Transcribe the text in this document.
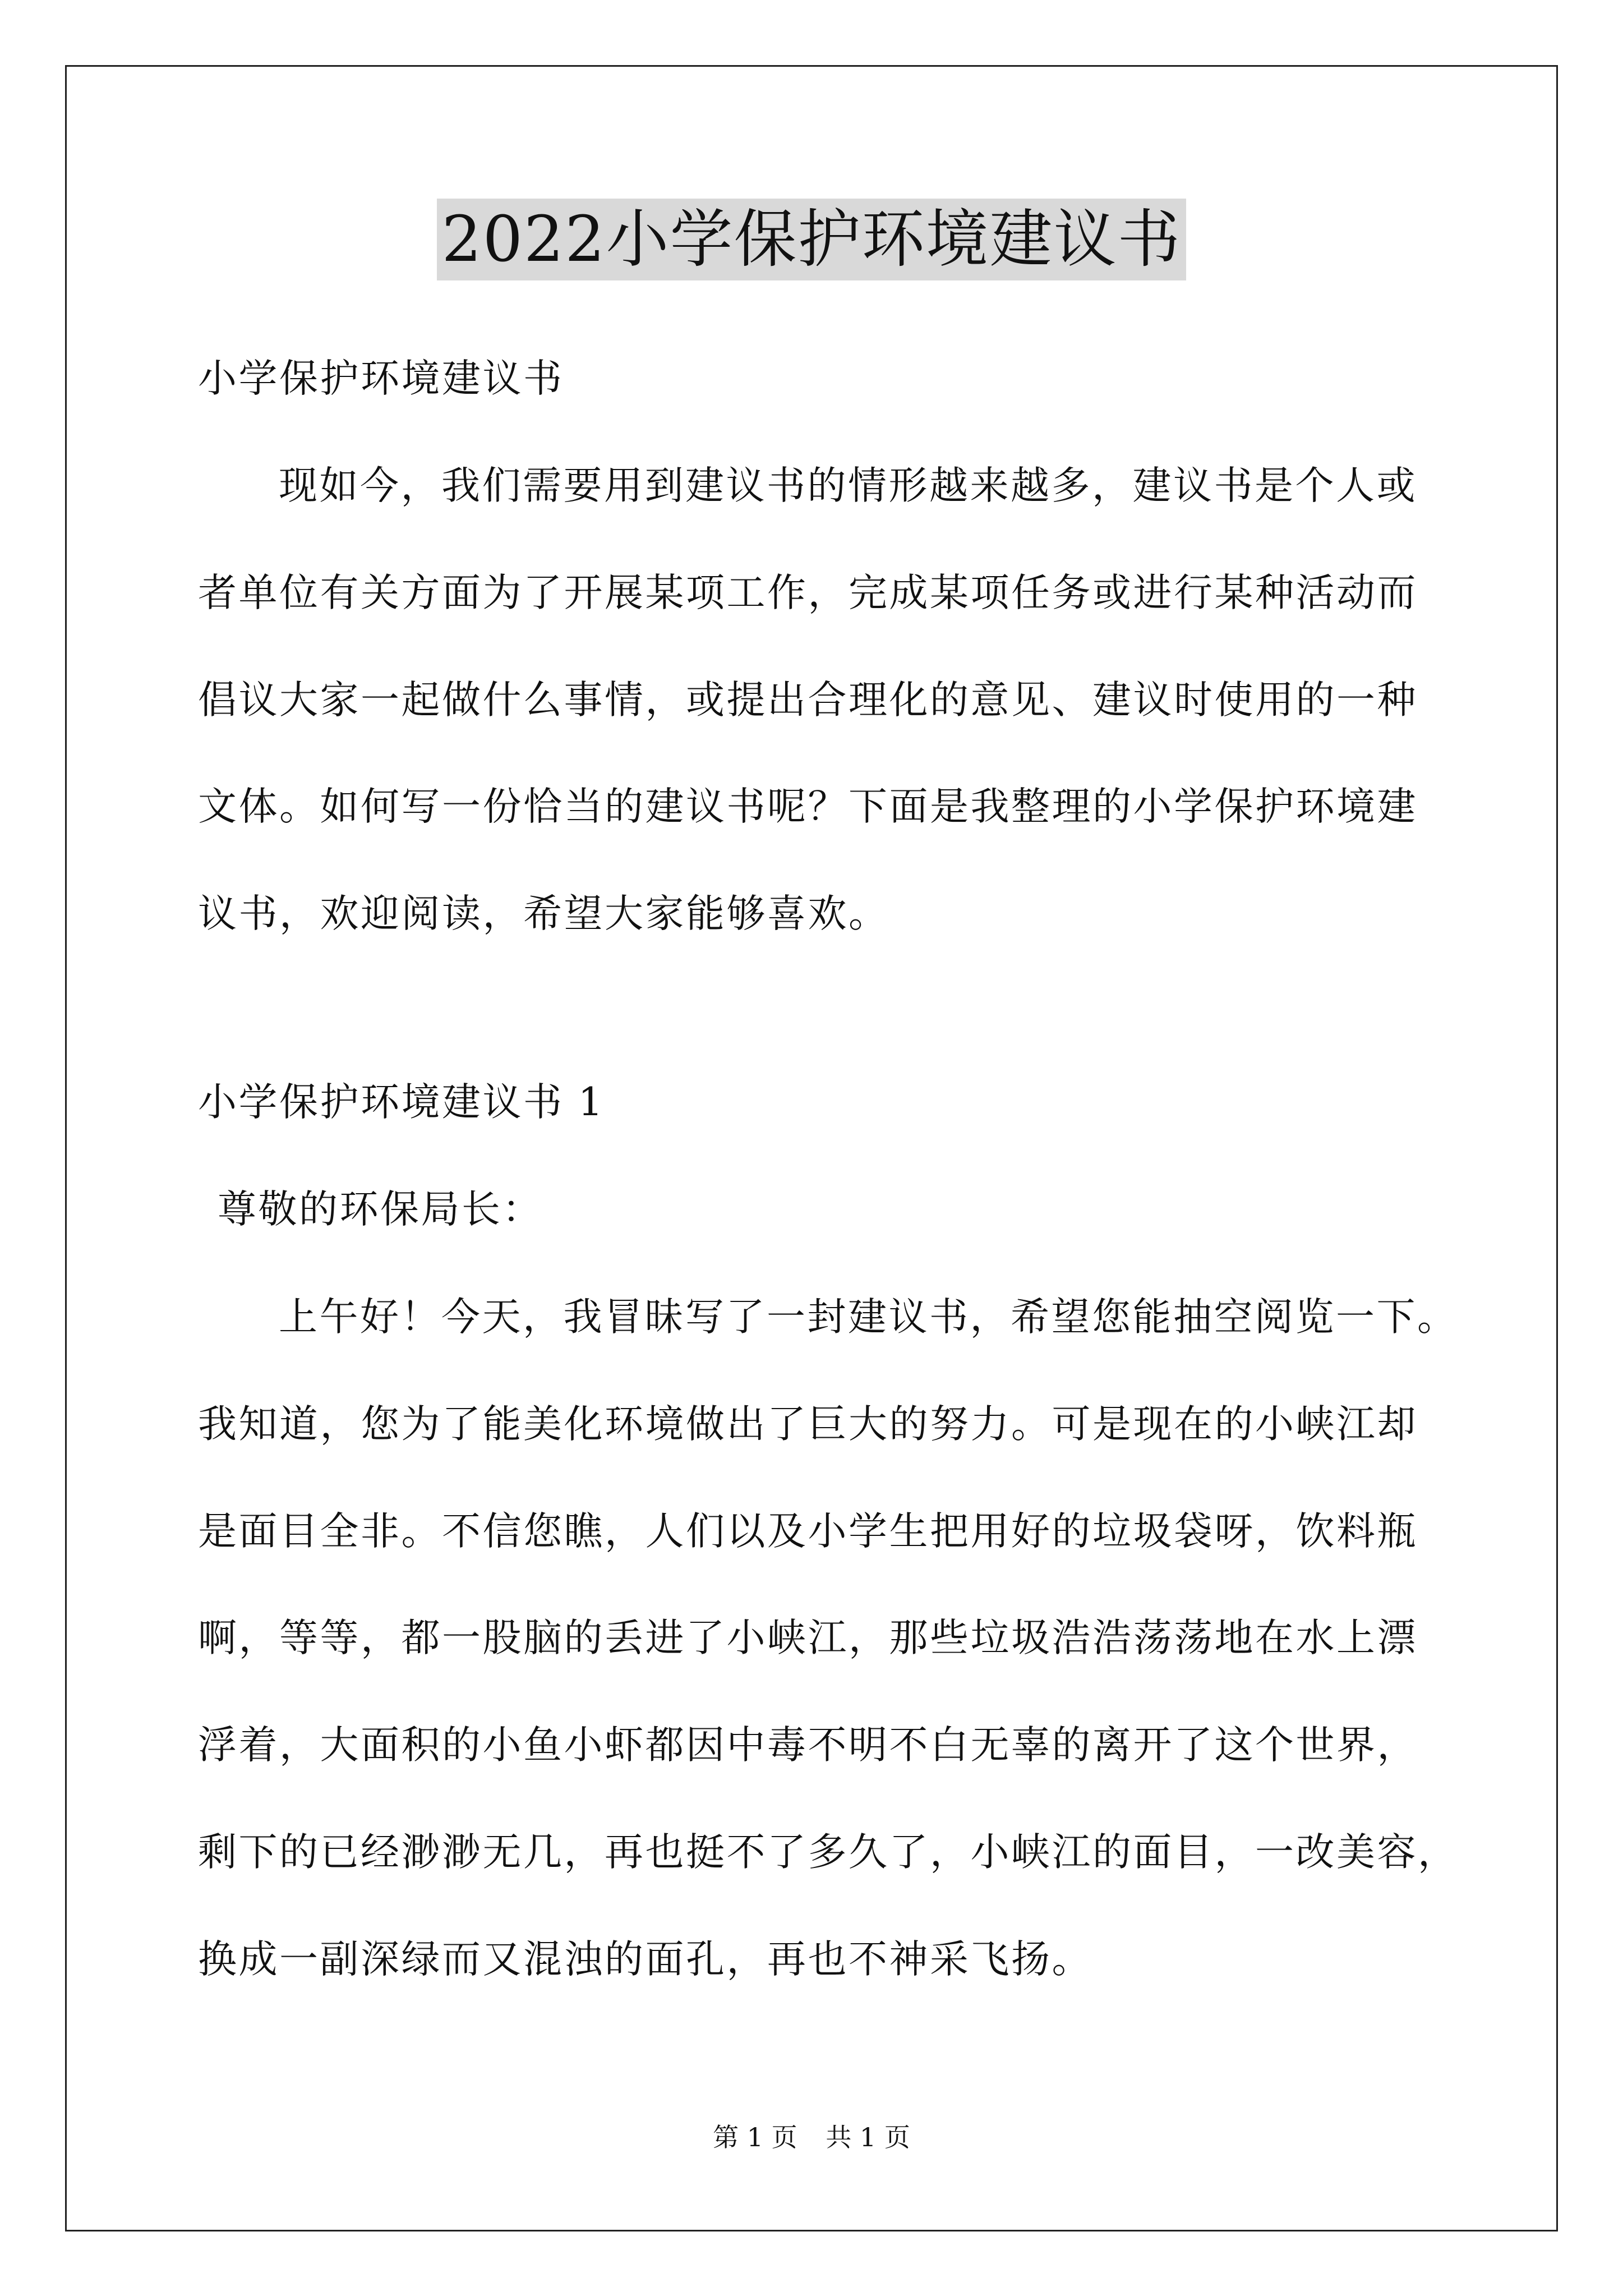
2022小学保护环境建议书
小学保护环境建议书
现如今，我们需要用到建议书的情形越来越多，建议书是个人或
者单位有关方面为了开展某项工作，完成某项任务或进行某种活动而
倡议大家一起做什么事情，或提出合理化的意见、建议时使用的一种
文体。如何写一份恰当的建议书呢？下面是我整理的小学保护环境建
议书，欢迎阅读，希望大家能够喜欢。
小学保护环境建议书 1
尊敬的环保局长：
上午好！今天，我冒昧写了一封建议书，希望您能抽空阅览一下。
我知道，您为了能美化环境做出了巨大的努力。可是现在的小峡江却
是面目全非。不信您瞧，人们以及小学生把用好的垃圾袋呀，饮料瓶
啊，等等，都一股脑的丢进了小峡江，那些垃圾浩浩荡荡地在水上漂
浮着，大面积的小鱼小虾都因中毒不明不白无辜的离开了这个世界，
剩下的已经渺渺无几，再也挺不了多久了，小峡江的面目，一改美容，
换成一副深绿而又混浊的面孔，再也不神采飞扬。
第 1 页 共 1 页
